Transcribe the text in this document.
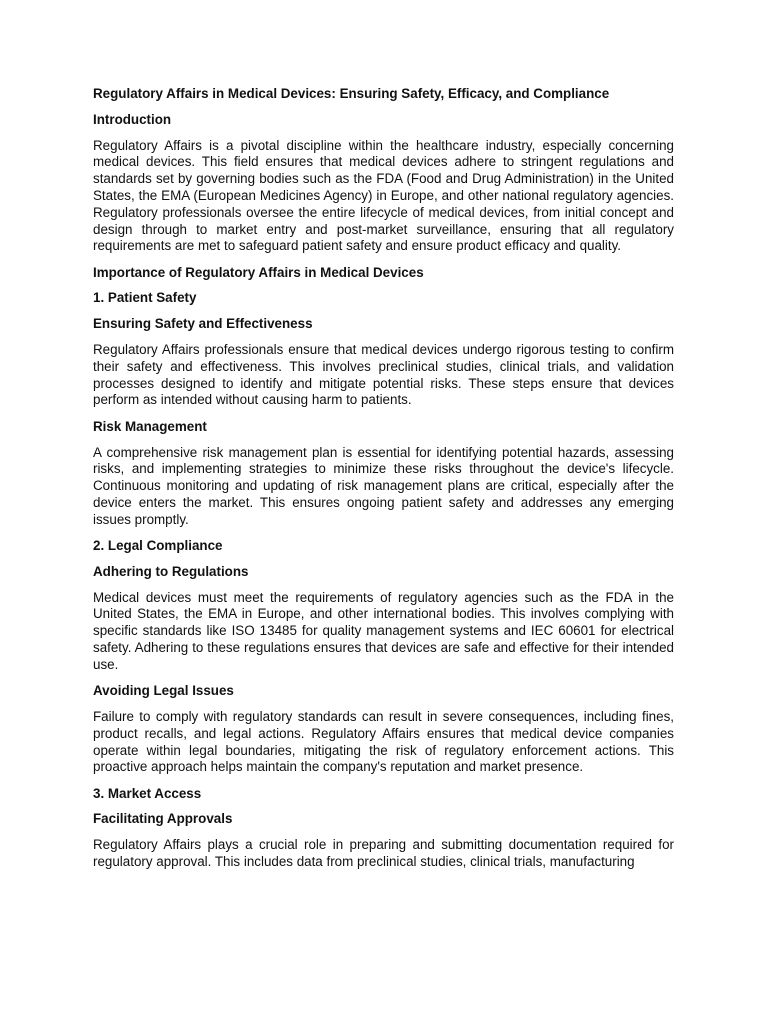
Regulatory Affairs in Medical Devices: Ensuring Safety, Efficacy, and Compliance

Introduction

Regulatory Affairs is a pivotal discipline within the healthcare industry, especially concerning medical devices. This field ensures that medical devices adhere to stringent regulations and standards set by governing bodies such as the FDA (Food and Drug Administration) in the United States, the EMA (European Medicines Agency) in Europe, and other national regulatory agencies. Regulatory professionals oversee the entire lifecycle of medical devices, from initial concept and design through to market entry and post-market surveillance, ensuring that all regulatory requirements are met to safeguard patient safety and ensure product efficacy and quality.

Importance of Regulatory Affairs in Medical Devices

1. Patient Safety

Ensuring Safety and Effectiveness

Regulatory Affairs professionals ensure that medical devices undergo rigorous testing to confirm their safety and effectiveness. This involves preclinical studies, clinical trials, and validation processes designed to identify and mitigate potential risks. These steps ensure that devices perform as intended without causing harm to patients.

Risk Management

A comprehensive risk management plan is essential for identifying potential hazards, assessing risks, and implementing strategies to minimize these risks throughout the device's lifecycle. Continuous monitoring and updating of risk management plans are critical, especially after the device enters the market. This ensures ongoing patient safety and addresses any emerging issues promptly.

2. Legal Compliance

Adhering to Regulations

Medical devices must meet the requirements of regulatory agencies such as the FDA in the United States, the EMA in Europe, and other international bodies. This involves complying with specific standards like ISO 13485 for quality management systems and IEC 60601 for electrical safety. Adhering to these regulations ensures that devices are safe and effective for their intended use.

Avoiding Legal Issues

Failure to comply with regulatory standards can result in severe consequences, including fines, product recalls, and legal actions. Regulatory Affairs ensures that medical device companies operate within legal boundaries, mitigating the risk of regulatory enforcement actions. This proactive approach helps maintain the company's reputation and market presence.

3. Market Access

Facilitating Approvals

Regulatory Affairs plays a crucial role in preparing and submitting documentation required for regulatory approval. This includes data from preclinical studies, clinical trials, manufacturing
